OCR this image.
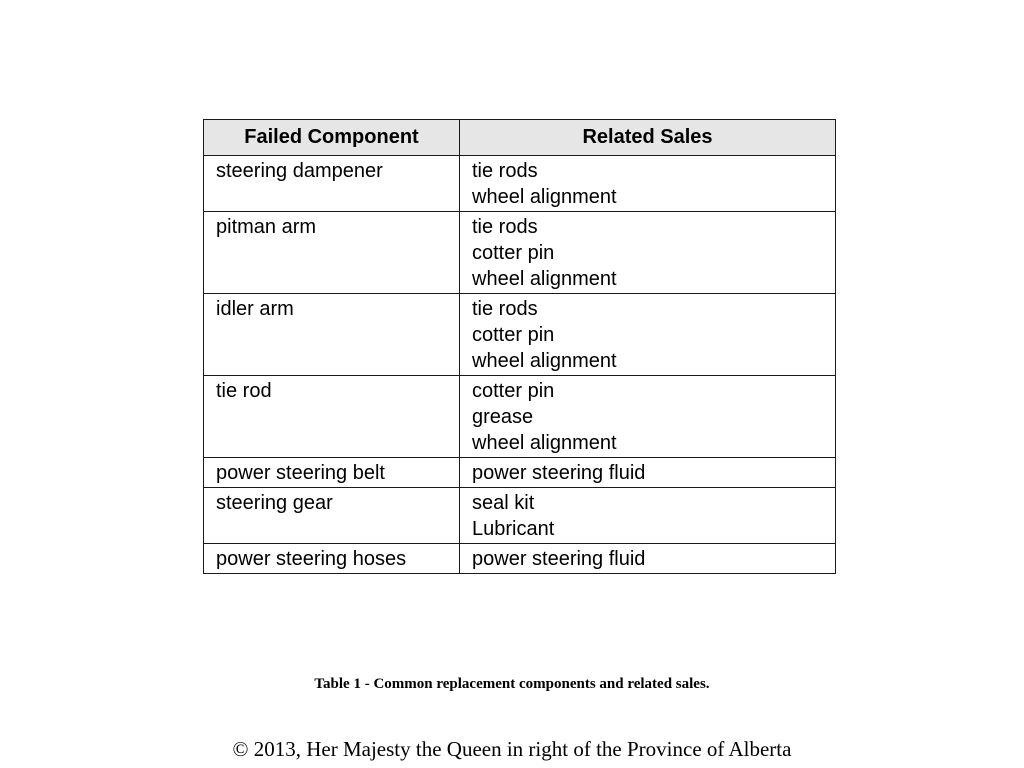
Failed Component	Related Sales

steering dampener	tie rods
wheel alignment

pitman arm	tie rods
cotter pin
wheel alignment

idler arm	tie rods
cotter pin
wheel alignment

tie rod	cotter pin
grease
wheel alignment

power steering belt	power steering fluid

steering gear	seal kit
Lubricant

power steering hoses	power steering fluid
Table 1 - Common replacement components and related sales.
© 2013, Her Majesty the Queen in right of the Province of Alberta
